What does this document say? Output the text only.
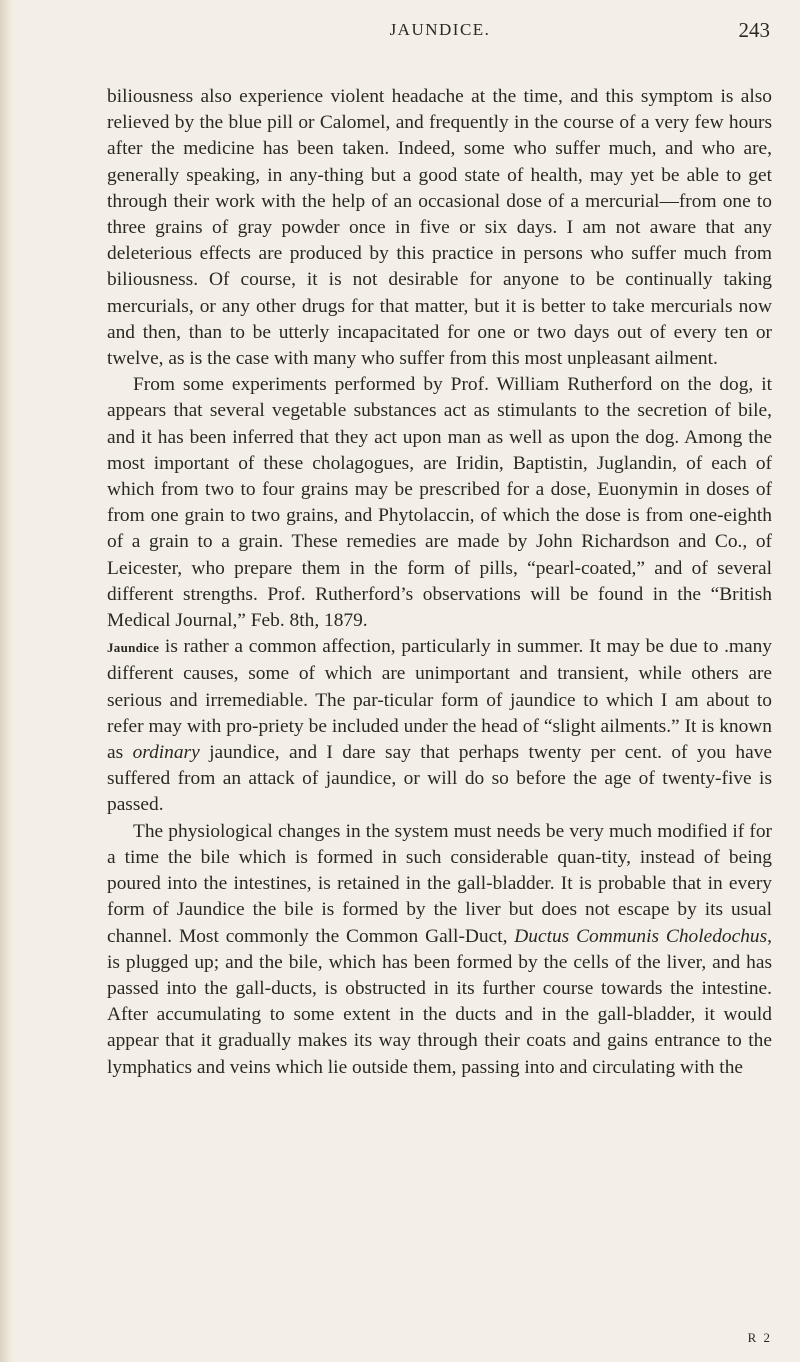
JAUNDICE.	243

biliousness also experience violent headache at the time, and this symptom is also relieved by the blue pill or Calomel, and frequently in the course of a very few hours after the medicine has been taken. Indeed, some who suffer much, and who are, generally speaking, in any-thing but a good state of health, may yet be able to get through their work with the help of an occasional dose of a mercurial—from one to three grains of gray powder once in five or six days. I am not aware that any deleterious effects are produced by this practice in persons who suffer much from biliousness. Of course, it is not desirable for anyone to be continually taking mercurials, or any other drugs for that matter, but it is better to take mercurials now and then, than to be utterly incapacitated for one or two days out of every ten or twelve, as is the case with many who suffer from this most unpleasant ailment.

From some experiments performed by Prof. William Rutherford on the dog, it appears that several vegetable substances act as stimulants to the secretion of bile, and it has been inferred that they act upon man as well as upon the dog. Among the most important of these cholagogues, are Iridin, Baptistin, Juglandin, of each of which from two to four grains may be prescribed for a dose, Euonymin in doses of from one grain to two grains, and Phytolaccin, of which the dose is from one-eighth of a grain to a grain. These remedies are made by John Richardson and Co., of Leicester, who prepare them in the form of pills, “pearl-coated,” and of several different strengths. Prof. Rutherford’s observations will be found in the “British Medical Journal,” Feb. 8th, 1879.

Jaundice is rather a common affection, particularly in summer. It may be due to .many different causes, some of which are unimportant and transient, while others are serious and irremediable. The par-ticular form of jaundice to which I am about to refer may with pro-priety be included under the head of “slight ailments.” It is known as ordinary jaundice, and I dare say that perhaps twenty per cent. of you have suffered from an attack of jaundice, or will do so before the age of twenty-five is passed.

The physiological changes in the system must needs be very much modified if for a time the bile which is formed in such considerable quan-tity, instead of being poured into the intestines, is retained in the gall-bladder. It is probable that in every form of Jaundice the bile is formed by the liver but does not escape by its usual channel. Most commonly the Common Gall-Duct, Ductus Communis Choledochus, is plugged up; and the bile, which has been formed by the cells of the liver, and has passed into the gall-ducts, is obstructed in its further course towards the intestine. After accumulating to some extent in the ducts and in the gall-bladder, it would appear that it gradually makes its way through their coats and gains entrance to the lymphatics and veins which lie outside them, passing into and circulating with the

R 2
